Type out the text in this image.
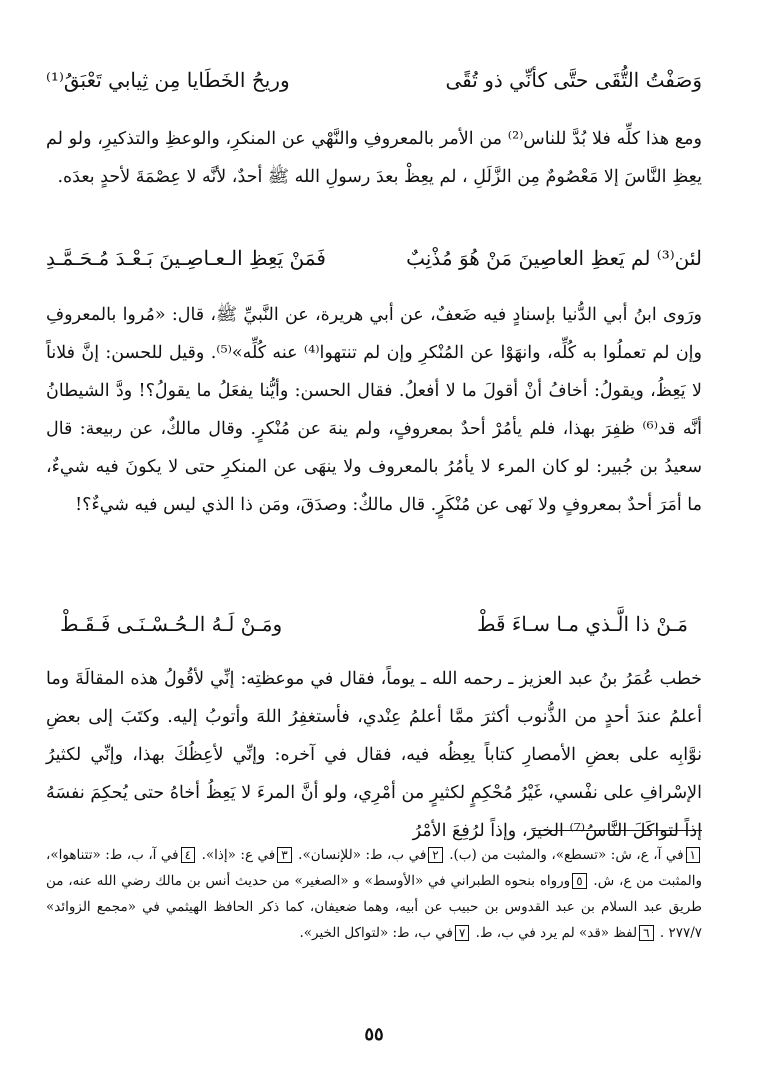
وَصَفْتُ التُّقَى حتَّى كأنِّي ذو تُقًى
وريحُ الخَطَايا مِن ثِيابي تَعْبَقُ⁽¹⁾

ومع هذا كلِّه فلا بُدَّ للناس⁽²⁾ من الأمر بالمعروفِ والنَّهْي عن المنكرِ، والوعظِ والتذكيرِ، ولو لم يعِظِ النَّاسَ إلا مَعْصُومٌ مِن الزَّلَلِ ، لم يعِظْ بعدَ رسولِ الله ﷺ أحدٌ، لأنَّه لا عِصْمَةَ لأحدٍ بعدَه.

لئن⁽³⁾ لم يَعظِ العاصِينَ مَنْ هُوَ مُذْنِبٌ
فَمَنْ يَعِظِ الـعـاصِـينَ بَـعْـدَ مُـحَـمَّـدِ

ورَوى ابنُ أبي الدُّنيا بإسنادٍ فيه ضَعفٌ، عن أبي هريرة، عن النَّبيِّ ﷺ، قال: «مُروا بالمعروفِ وإن لم تعملُوا به كُلِّه، وانهَوْا عن المُنْكرِ وإن لم تنتهوا⁽⁴⁾ عنه كُلِّه»⁽⁵⁾. وقيل للحسن: إنَّ فلاناً لا يَعِظُ، ويقولُ: أخافُ أنْ أقولَ ما لا أفعلُ. فقال الحسن: وأيُّنا يفعَلُ ما يقولُ؟! ودَّ الشيطانُ أنَّه قد⁽⁶⁾ ظفِرَ بهذا، فلم يأمُرْ أحدٌ بمعروفٍ، ولم ينهَ عن مُنْكرٍ. وقال مالكٌ، عن ربيعة: قال سعيدُ بن جُبير: لو كان المرء لا يأمُرُ بالمعروف ولا ينهَى عن المنكرِ حتى لا يكونَ فيه شيءٌ، ما أمَرَ أحدٌ بمعروفٍ ولا نَهى عن مُنْكَرٍ. قال مالكٌ: وصدَقَ، ومَن ذا الذي ليس فيه شيءٌ؟!

مَـنْ ذا الَّـذي مـا سـاءَ قَطْ
ومَـنْ لَـهُ الـحُـسْـنَـى فَـقَـطْ

خطب عُمَرُ بنُ عبد العزيز ـ رحمه الله ـ يوماً، فقال في موعظتِه: إنِّي لأقُولُ هذه المقالَةَ وما أعلمُ عندَ أحدٍ من الذُّنوب أكثرَ ممَّا أعلمُ عِنْدي، فأستغفِرُ اللهَ وأتوبُ إليه. وكتَبَ إلى بعضِ نوَّابِه على بعضِ الأمصارِ كتاباً يعِظُه فيه، فقال في آخره: وإنِّي لأعِظُكَ بهذا، وإنِّي لكثيرُ الإسْرافِ على نفْسي، غَيْرُ مُحْكِمٍ لكثيرٍ من أمْرِي، ولو أنَّ المرءَ لا يَعِظُ أخاهُ حتى يُحكِمَ نفسَهُ إذاً لتواكَلَ النَّاسُ⁽⁷⁾ الخيرَ، وإذاً لرُفِعَ الأمْرُ

١في آ، ع، ش: «تسطع»، والمثبت من (ب). ٢في ب، ط: «للإنسان». ٣في ع: «إذا». ٤في آ، ب، ط: «تتناهوا»، والمثبت من ع، ش. ٥ورواه بنحوه الطبراني في «الأوسط» و «الصغير» من حديث أنس بن مالك رضي الله عنه، من طريق عبد السلام بن عبد القدوس بن حبيب عن أبيه، وهما ضعيفان، كما ذكر الحافظ الهيثمي في «مجمع الزوائد» ٢٧٧/٧ . ٦لفظ «قد» لم يرد في ب، ط. ٧في ب، ط: «لتواكل الخير».
٥٥
